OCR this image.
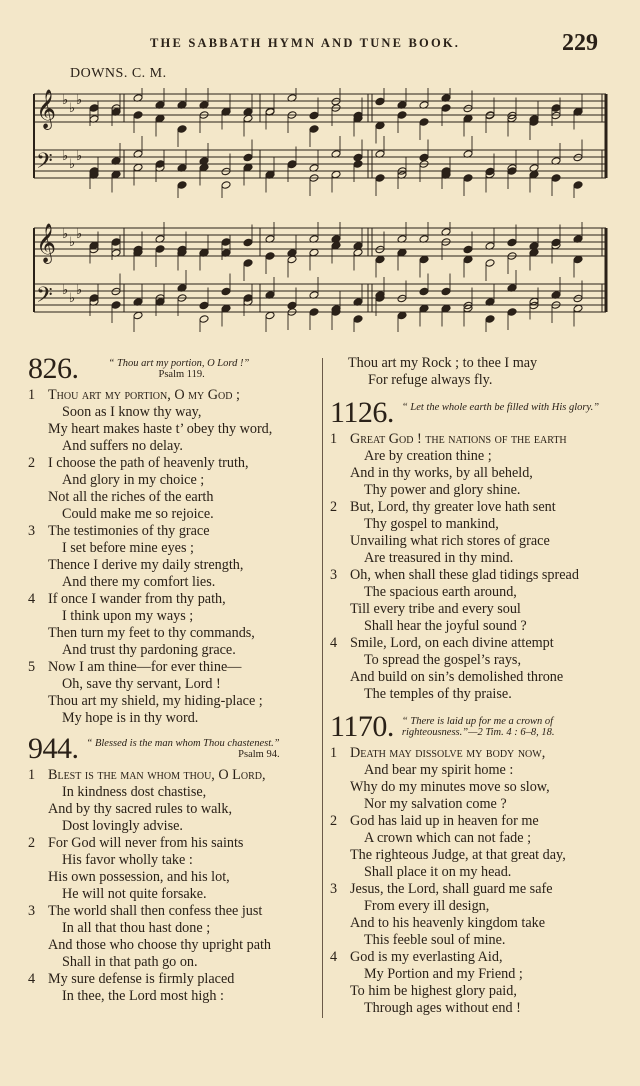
THE SABBATH HYMN AND TUNE BOOK.	229
DOWNS. C. M.
𝄞 ♭
♭
♭
𝄢 ♭
♭
♭
𝄞 ♭
♭
♭
𝄢 ♭
♭
♭
826.	“ Thou art my portion, O Lord !”
Psalm 119.
1 Thou art my portion, O my God ;
Soon as I know thy way,
My heart makes haste t’ obey thy word,
And suffers no delay.
2 I choose the path of heavenly truth,
And glory in my choice ;
Not all the riches of the earth
Could make me so rejoice.
3 The testimonies of thy grace
I set before mine eyes ;
Thence I derive my daily strength,
And there my comfort lies.
4 If once I wander from thy path,
I think upon my ways ;
Then turn my feet to thy commands,
And trust thy pardoning grace.
5 Now I am thine—for ever thine—
Oh, save thy servant, Lord !
Thou art my shield, my hiding-place ;
My hope is in thy word.
944. “ Blessed is the man whom Thou chastenest.”
Psalm 94.
1 Blest is the man whom thou, O Lord,
In kindness dost chastise,
And by thy sacred rules to walk,
Dost lovingly advise.
2 For God will never from his saints
His favor wholly take :
His own possession, and his lot,
He will not quite forsake.
3 The world shall then confess thee just
In all that thou hast done ;
And those who choose thy upright path
Shall in that path go on.
4 My sure defense is firmly placed
In thee, the Lord most high :
Thou art my Rock ; to thee I may
For refuge always fly.
1126. “ Let the whole earth be filled with His glory.”
1 Great God ! the nations of the earth
Are by creation thine ;
And in thy works, by all beheld,
Thy power and glory shine.
2 But, Lord, thy greater love hath sent
Thy gospel to mankind,
Unvailing what rich stores of grace
Are treasured in thy mind.
3 Oh, when shall these glad tidings spread
The spacious earth around,
Till every tribe and every soul
Shall hear the joyful sound ?
4 Smile, Lord, on each divine attempt
To spread the gospel’s rays,
And build on sin’s demolished throne
The temples of thy praise.
1170. “ There is laid up for me a crown of righteousness.”—2 Tim. 4 : 6–8, 18.
1 Death may dissolve my body now,
And bear my spirit home :
Why do my minutes move so slow,
Nor my salvation come ?
2 God has laid up in heaven for me
A crown which can not fade ;
The righteous Judge, at that great day,
Shall place it on my head.
3 Jesus, the Lord, shall guard me safe
From every ill design,
And to his heavenly kingdom take
This feeble soul of mine.
4 God is my everlasting Aid,
My Portion and my Friend ;
To him be highest glory paid,
Through ages without end !
